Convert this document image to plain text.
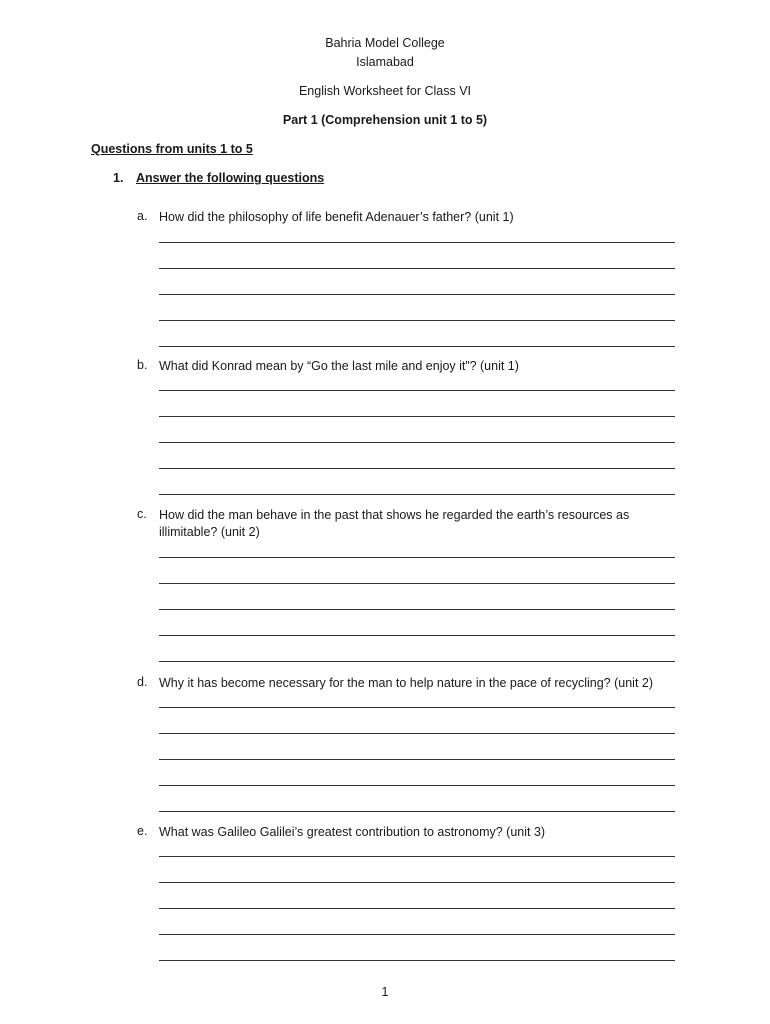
Bahria Model College
Islamabad
English Worksheet for Class VI
Part 1 (Comprehension unit 1 to 5)
Questions from units 1 to 5
1. Answer the following questions
a. How did the philosophy of life benefit Adenauer’s father? (unit 1)
b. What did Konrad mean by “Go the last mile and enjoy it”? (unit 1)
c. How did the man behave in the past that shows he regarded the earth’s resources as illimitable? (unit 2)
d. Why it has become necessary for the man to help nature in the pace of recycling? (unit 2)
e. What was Galileo Galilei’s greatest contribution to astronomy? (unit 3)
1
